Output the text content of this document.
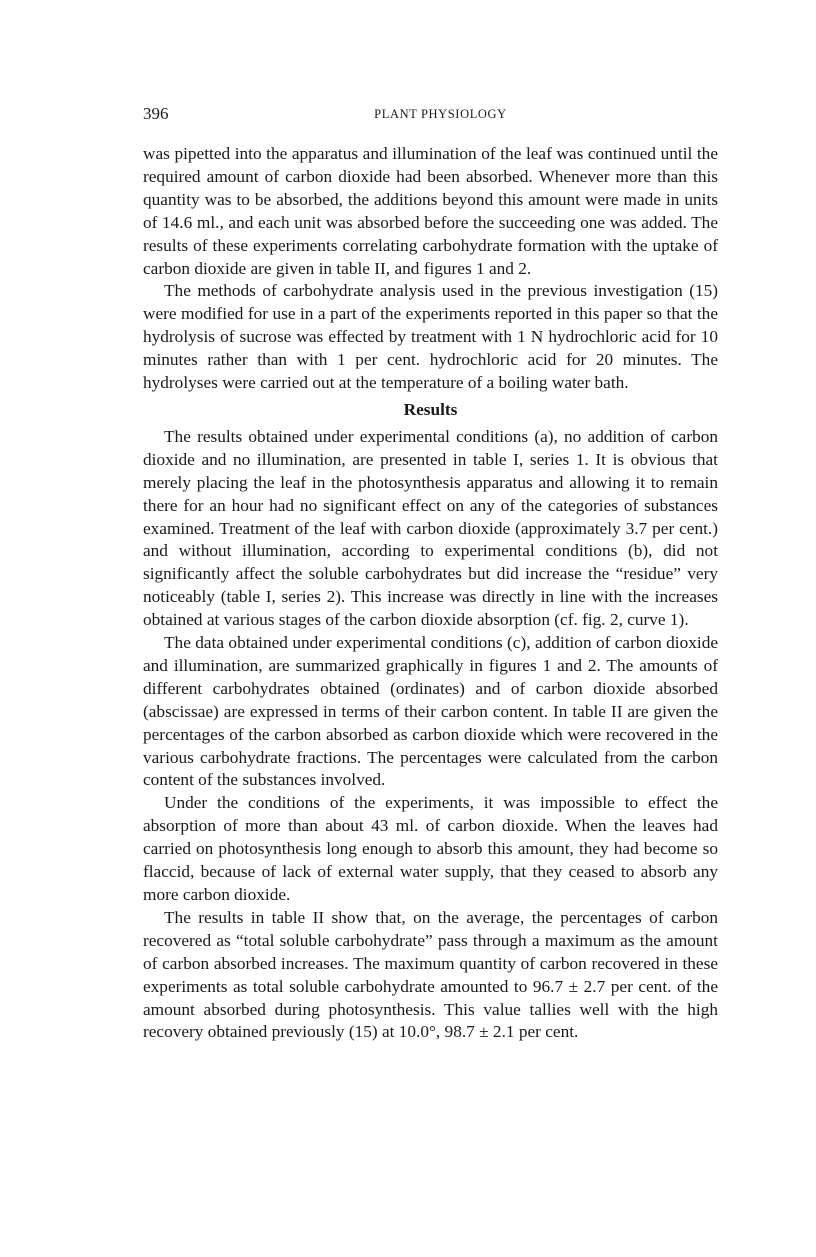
396	PLANT PHYSIOLOGY

was pipetted into the apparatus and illumination of the leaf was continued until the required amount of carbon dioxide had been absorbed. Whenever more than this quantity was to be absorbed, the additions beyond this amount were made in units of 14.6 ml., and each unit was absorbed before the succeeding one was added. The results of these experiments correlating carbohydrate formation with the uptake of carbon dioxide are given in table II, and figures 1 and 2.

The methods of carbohydrate analysis used in the previous investigation (15) were modified for use in a part of the experiments reported in this paper so that the hydrolysis of sucrose was effected by treatment with 1 N hydrochloric acid for 10 minutes rather than with 1 per cent. hydrochloric acid for 20 minutes. The hydrolyses were carried out at the temperature of a boiling water bath.

Results

The results obtained under experimental conditions (a), no addition of carbon dioxide and no illumination, are presented in table I, series 1. It is obvious that merely placing the leaf in the photosynthesis apparatus and allowing it to remain there for an hour had no significant effect on any of the categories of substances examined. Treatment of the leaf with carbon dioxide (approximately 3.7 per cent.) and without illumination, according to experimental conditions (b), did not significantly affect the soluble carbohydrates but did increase the “residue” very noticeably (table I, series 2). This increase was directly in line with the increases obtained at various stages of the carbon dioxide absorption (cf. fig. 2, curve 1).

The data obtained under experimental conditions (c), addition of carbon dioxide and illumination, are summarized graphically in figures 1 and 2. The amounts of different carbohydrates obtained (ordinates) and of carbon dioxide absorbed (abscissae) are expressed in terms of their carbon content. In table II are given the percentages of the carbon absorbed as carbon dioxide which were recovered in the various carbohydrate fractions. The percentages were calculated from the carbon content of the substances involved.

Under the conditions of the experiments, it was impossible to effect the absorption of more than about 43 ml. of carbon dioxide. When the leaves had carried on photosynthesis long enough to absorb this amount, they had become so flaccid, because of lack of external water supply, that they ceased to absorb any more carbon dioxide.

The results in table II show that, on the average, the percentages of carbon recovered as “total soluble carbohydrate” pass through a maximum as the amount of carbon absorbed increases. The maximum quantity of carbon recovered in these experiments as total soluble carbohydrate amounted to 96.7 ± 2.7 per cent. of the amount absorbed during photosynthesis. This value tallies well with the high recovery obtained previously (15) at 10.0°, 98.7 ± 2.1 per cent.
